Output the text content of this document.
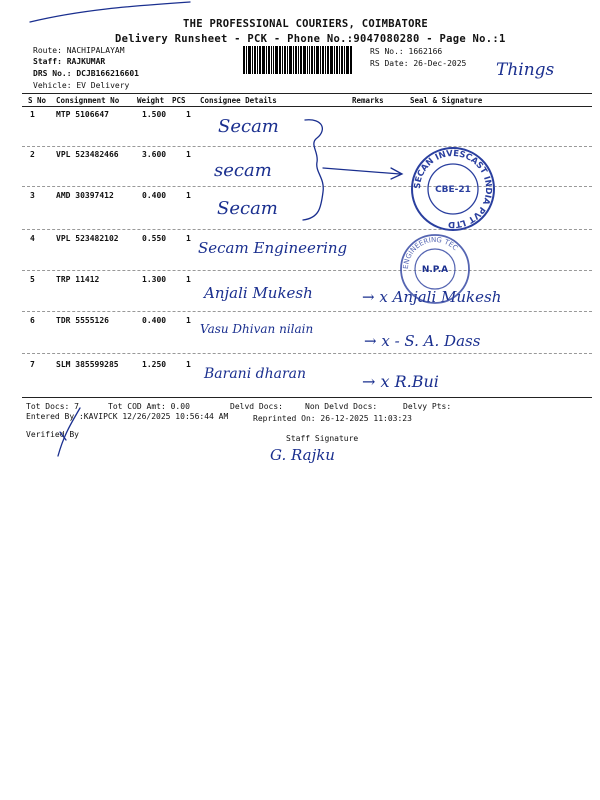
THE PROFESSIONAL COURIERS, COIMBATORE
Delivery Runsheet - PCK - Phone No.:9047080280 - Page No.:1
Route: NACHIPALAYAM
Staff: RAJKUMAR
DRS No.: DCJB166216601
Vehicle: EV Delivery
RS No.: 1662166
RS Date: 26-Dec-2025 Things
S No Consignment No Weight PCS Consignee Details	Remarks	Seal & Signature
1	MTP 5106647	1.500 1
Secam
2	VPL 523482466	3.600 1
secam
3	AMD 30397412	0.400 1
Secam
4	VPL 523482102	0.550 1
Secam Engineering
5	TRP 11412	1.300 1
Anjali Mukesh	→ x Anjali Mukesh
6	TDR 5555126	0.400 1
Vasu Dhivan nilain
→ x - S. A. Dass
7	SLM 385599285	1.250 1
Barani dharan	→ x R.Bui
SECAN INVESCAST INDIA PVT LTD
CBE-21
ENGINEERING TEC
N.P.A
Tot Docs: 7	Tot COD Amt: 0.00	Delvd Docs:	Non Delvd Docs:	Delvy Pts:
Entered By :KAVIPCK 12/26/2025 10:56:44 AM	Reprinted On: 26-12-2025 11:03:23
Verified By	Staff Signature
G. Rajku
